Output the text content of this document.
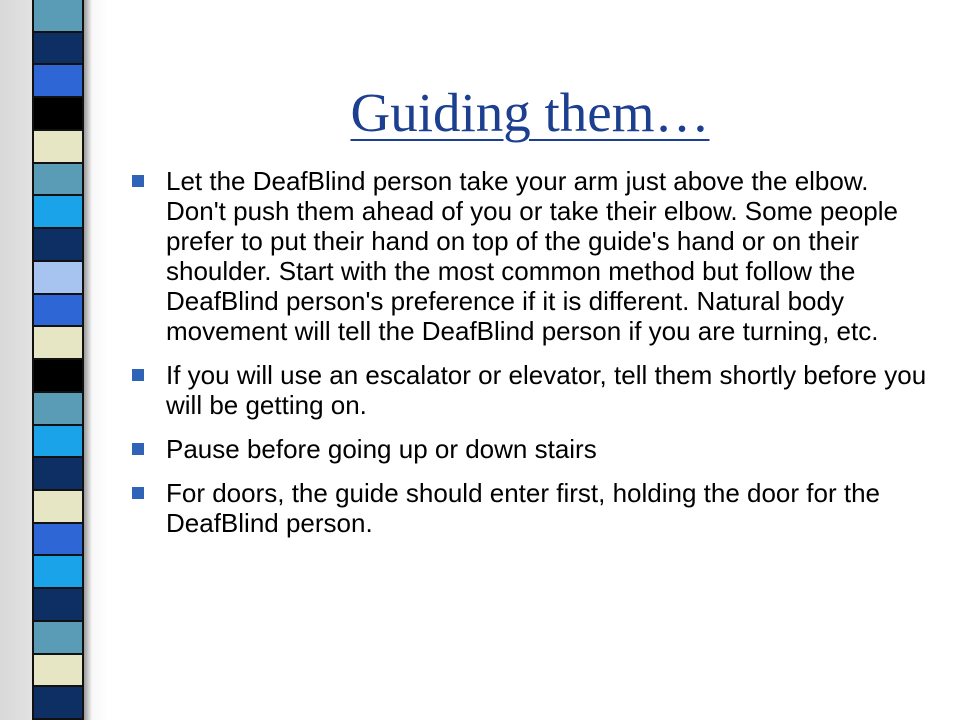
Guiding them…
Let the DeafBlind person take your arm just above the elbow. Don't push them ahead of you or take their elbow. Some people prefer to put their hand on top of the guide's hand or on their shoulder. Start with the most common method but follow the DeafBlind person's preference if it is different. Natural body movement will tell the DeafBlind person if you are turning, etc.
If you will use an escalator or elevator, tell them shortly before you will be getting on.
Pause before going up or down stairs
For doors, the guide should enter first, holding the door for the DeafBlind person.
